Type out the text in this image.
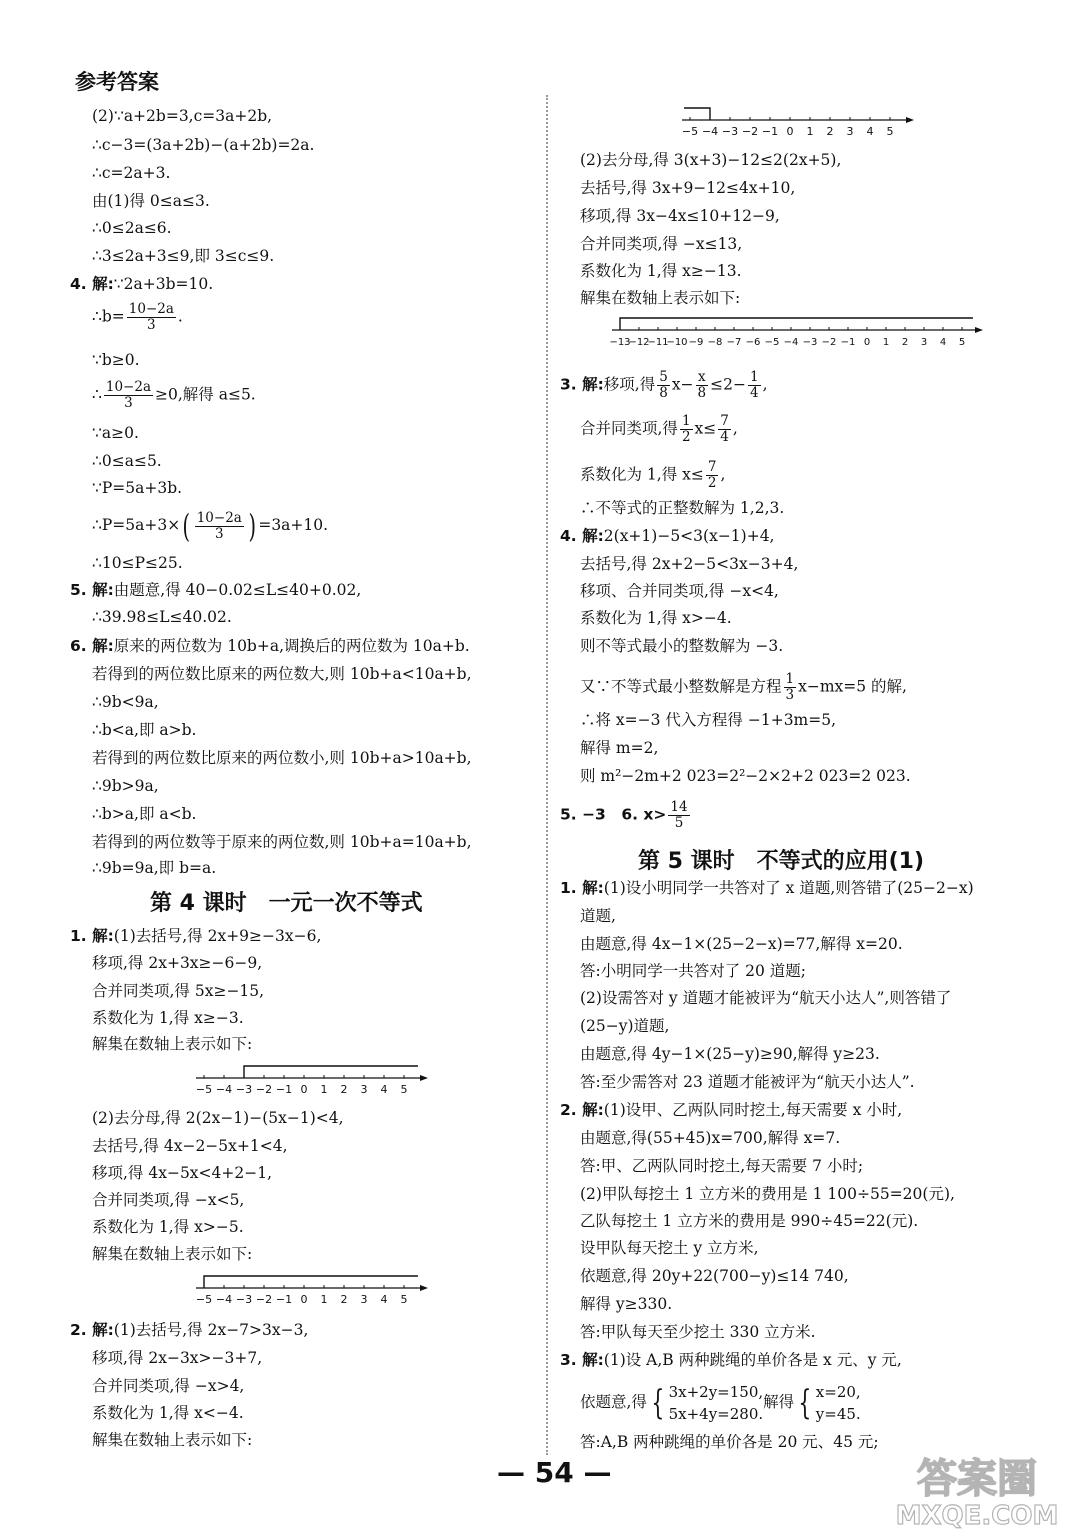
参考答案
(2)∵a+2b=3,c=3a+2b,
∴c−3=(3a+2b)−(a+2b)=2a.
∴c=2a+3.
由(1)得 0≤a≤3.
∴0≤2a≤6.
∴3≤2a+3≤9,即 3≤c≤9.
4. 解:∵2a+3b=10.
∴b= $\frac{10-2a}{3}$ .
∵b≥0.
∴ $\frac{10-2a}{3} \ge 0$,解得 a≤5.
∵a≥0.
∴0≤a≤5.
∵P=5a+3b.
∴P=5a+3×( $\frac{10-2a}{3}$ ) =3a+10.
∴10≤P≤25.
5. 解:由题意,得 40−0.02≤L≤40+0.02,
∴39.98≤L≤40.02.
6. 解:原来的两位数为 10b+a,调换后的两位数为 10a+b.
若得到的两位数比原来的两位数大,则 10b+a<10a+b,
∴9b<9a,
∴b<a,即 a>b.
若得到的两位数比原来的两位数小,则 10b+a>10a+b,
∴9b>9a,
∴b>a,即 a<b.
若得到的两位数等于原来的两位数,则 10b+a=10a+b,
∴9b=9a,即 b=a.
第 4 课时　一元一次不等式
1. 解:(1)去括号,得 2x+9≥−3x−6,
移项,得 2x+3x≥−6−9,
合并同类项,得 5x≥−15,
系数化为 1,得 x≥−3.
解集在数轴上表示如下:
−5 −4 −3 −2 −1 0 1 2 3 4 5
(2)去分母,得 2(2x−1)−(5x−1)<4,
去括号,得 4x−2−5x+1<4,
移项,得 4x−5x<4+2−1,
合并同类项,得 −x<5,
系数化为 1,得 x>−5.
解集在数轴上表示如下:
−5 −4 −3 −2 −1 0 1 2 3 4 5
2. 解:(1)去括号,得 2x−7>3x−3,
移项,得 2x−3x>−3+7,
合并同类项,得 −x>4,
系数化为 1,得 x<−4.
解集在数轴上表示如下:
−5 −4 −3 −2 −1 0 1 2 3 4 5
(2)去分母,得 3(x+3)−12≤2(2x+5),
去括号,得 3x+9−12≤4x+10,
移项,得 3x−4x≤10+12−9,
合并同类项,得 −x≤13,
系数化为 1,得 x≥−13.
解集在数轴上表示如下:
−13
−12
−11
−10 −9 −8 −7 −6 −5 −4 −3 −2 −1 0 1 2 3 4 5
3. 解:移项,得 $\frac{5}{8} x- \frac{x}{8} \le 2- \frac{1}{4}$ ,
合并同类项,得 $\frac{1}{2} x\le \frac{7}{4}$ ,
系数化为 1,得 $x\le \frac{7}{2}$ ,
∴不等式的正整数解为 1,2,3.
4. 解:2(x+1)−5<3(x−1)+4,
去括号,得 2x+2−5<3x−3+4,
移项、合并同类项,得 −x<4,
系数化为 1,得 x>−4.
则不等式最小的整数解为 −3.
又∵不等式最小整数解是方程 $\frac{1}{3} x-mx=5$ 的解,
∴将 x=−3 代入方程得 −1+3m=5,
解得 m=2,
则 m²−2m+2 023=2²−2×2+2 023=2 023.
5. −3　6. $x> \frac{14}{5}$
第 5 课时　不等式的应用(1)
1. 解:(1)设小明同学一共答对了 x 道题,则答错了(25−2−x)
道题,
由题意,得 4x−1×(25−2−x)=77,解得 x=20.
答:小明同学一共答对了 20 道题;
(2)设需答对 y 道题才能被评为“航天小达人”,则答错了
(25−y)道题,
由题意,得 4y−1×(25−y)≥90,解得 y≥23.
答:至少需答对 23 道题才能被评为“航天小达人”.
2. 解:(1)设甲、乙两队同时挖土,每天需要 x 小时,
由题意,得(55+45)x=700,解得 x=7.
答:甲、乙两队同时挖土,每天需要 7 小时;
(2)甲队每挖土 1 立方米的费用是 1 100÷55=20(元),
乙队每挖土 1 立方米的费用是 990÷45=22(元).
设甲队每天挖土 y 立方米,
依题意,得 20y+22(700−y)≤14 740,
解得 y≥330.
答:甲队每天至少挖土 330 立方米.
3. 解:(1)设 A,B 两种跳绳的单价各是 x 元、y 元,
依题意,得 { 3x+2y=150,
5x+4y=280.
解得 { x=20,
y=45.
答:A,B 两种跳绳的单价各是 20 元、45 元;
— 54 —	答案圈
MXQE.COM
